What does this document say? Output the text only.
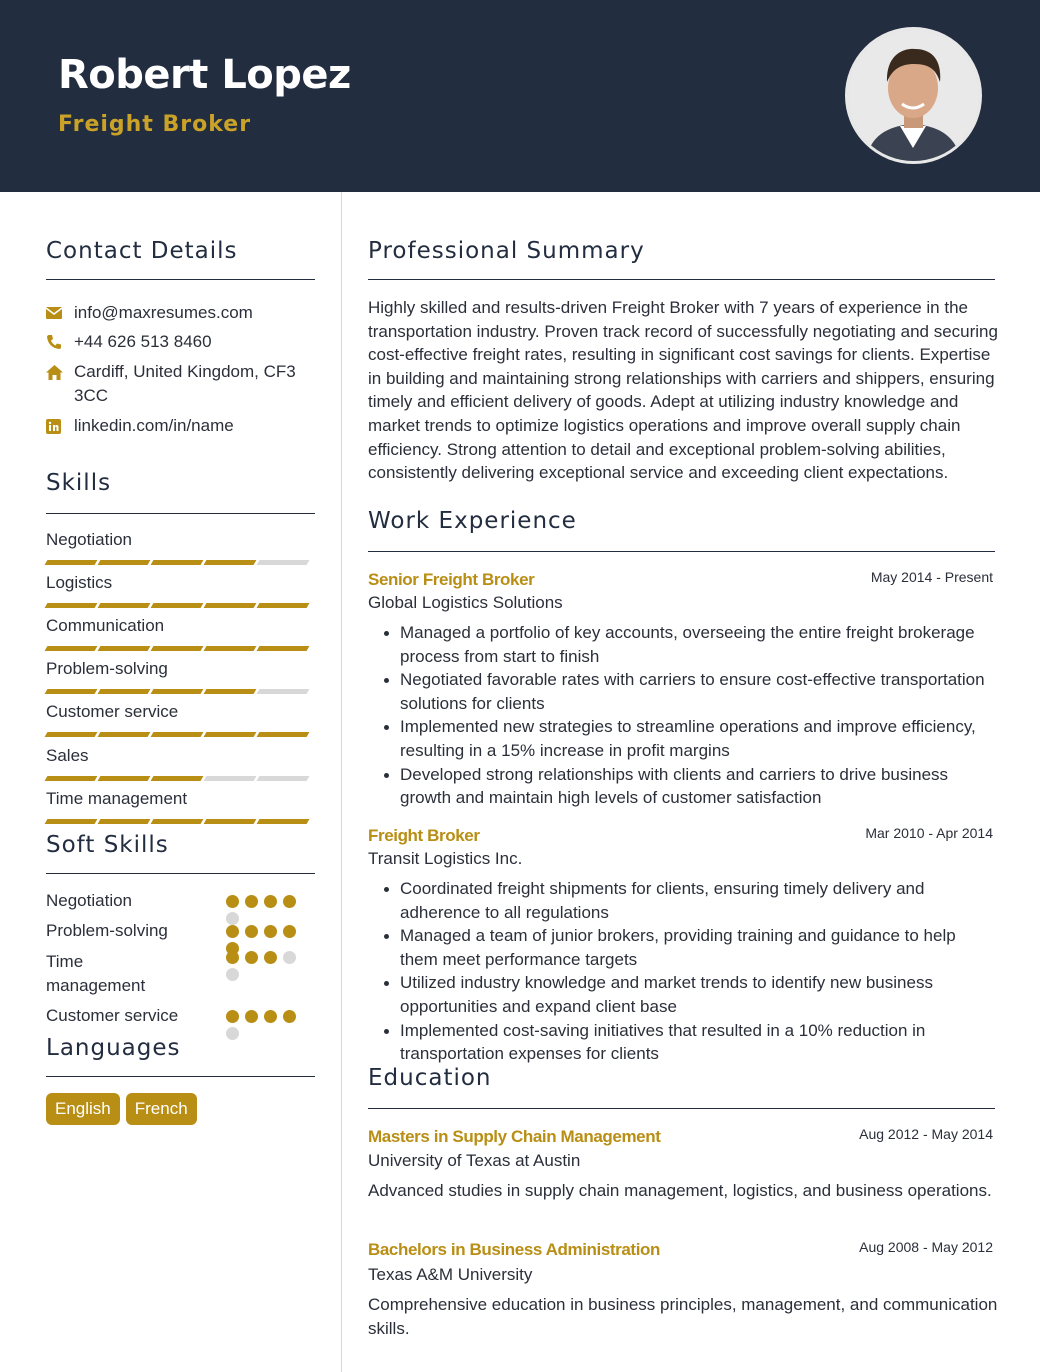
Robert Lopez
Freight Broker
Contact Details
info@maxresumes.com
+44 626 513 8460
Cardiff, United Kingdom, CF3 3CC
linkedin.com/in/name
Skills
Negotiation
Logistics
Communication
Problem-solving
Customer service
Sales
Time management
Soft Skills
Negotiation
Problem-solving
Time management
Customer service
Languages
English	French
Professional Summary
Highly skilled and results-driven Freight Broker with 7 years of experience in the transportation industry. Proven track record of successfully negotiating and securing cost-effective freight rates, resulting in significant cost savings for clients. Expertise in building and maintaining strong relationships with carriers and shippers, ensuring timely and efficient delivery of goods. Adept at utilizing industry knowledge and market trends to optimize logistics operations and improve overall supply chain efficiency. Strong attention to detail and exceptional problem-solving abilities, consistently delivering exceptional service and exceeding client expectations.
Work Experience
Senior Freight Broker	May 2014 - Present
Global Logistics Solutions
Managed a portfolio of key accounts, overseeing the entire freight brokerage process from start to finish
Negotiated favorable rates with carriers to ensure cost-effective transportation solutions for clients
Implemented new strategies to streamline operations and improve efficiency, resulting in a 15% increase in profit margins
Developed strong relationships with clients and carriers to drive business growth and maintain high levels of customer satisfaction
Freight Broker	Mar 2010 - Apr 2014
Transit Logistics Inc.
Coordinated freight shipments for clients, ensuring timely delivery and adherence to all regulations
Managed a team of junior brokers, providing training and guidance to help them meet performance targets
Utilized industry knowledge and market trends to identify new business opportunities and expand client base
Implemented cost-saving initiatives that resulted in a 10% reduction in transportation expenses for clients
Education
Masters in Supply Chain Management	Aug 2012 - May 2014
University of Texas at Austin
Advanced studies in supply chain management, logistics, and business operations.
Bachelors in Business Administration	Aug 2008 - May 2012
Texas A&M University
Comprehensive education in business principles, management, and communication skills.
